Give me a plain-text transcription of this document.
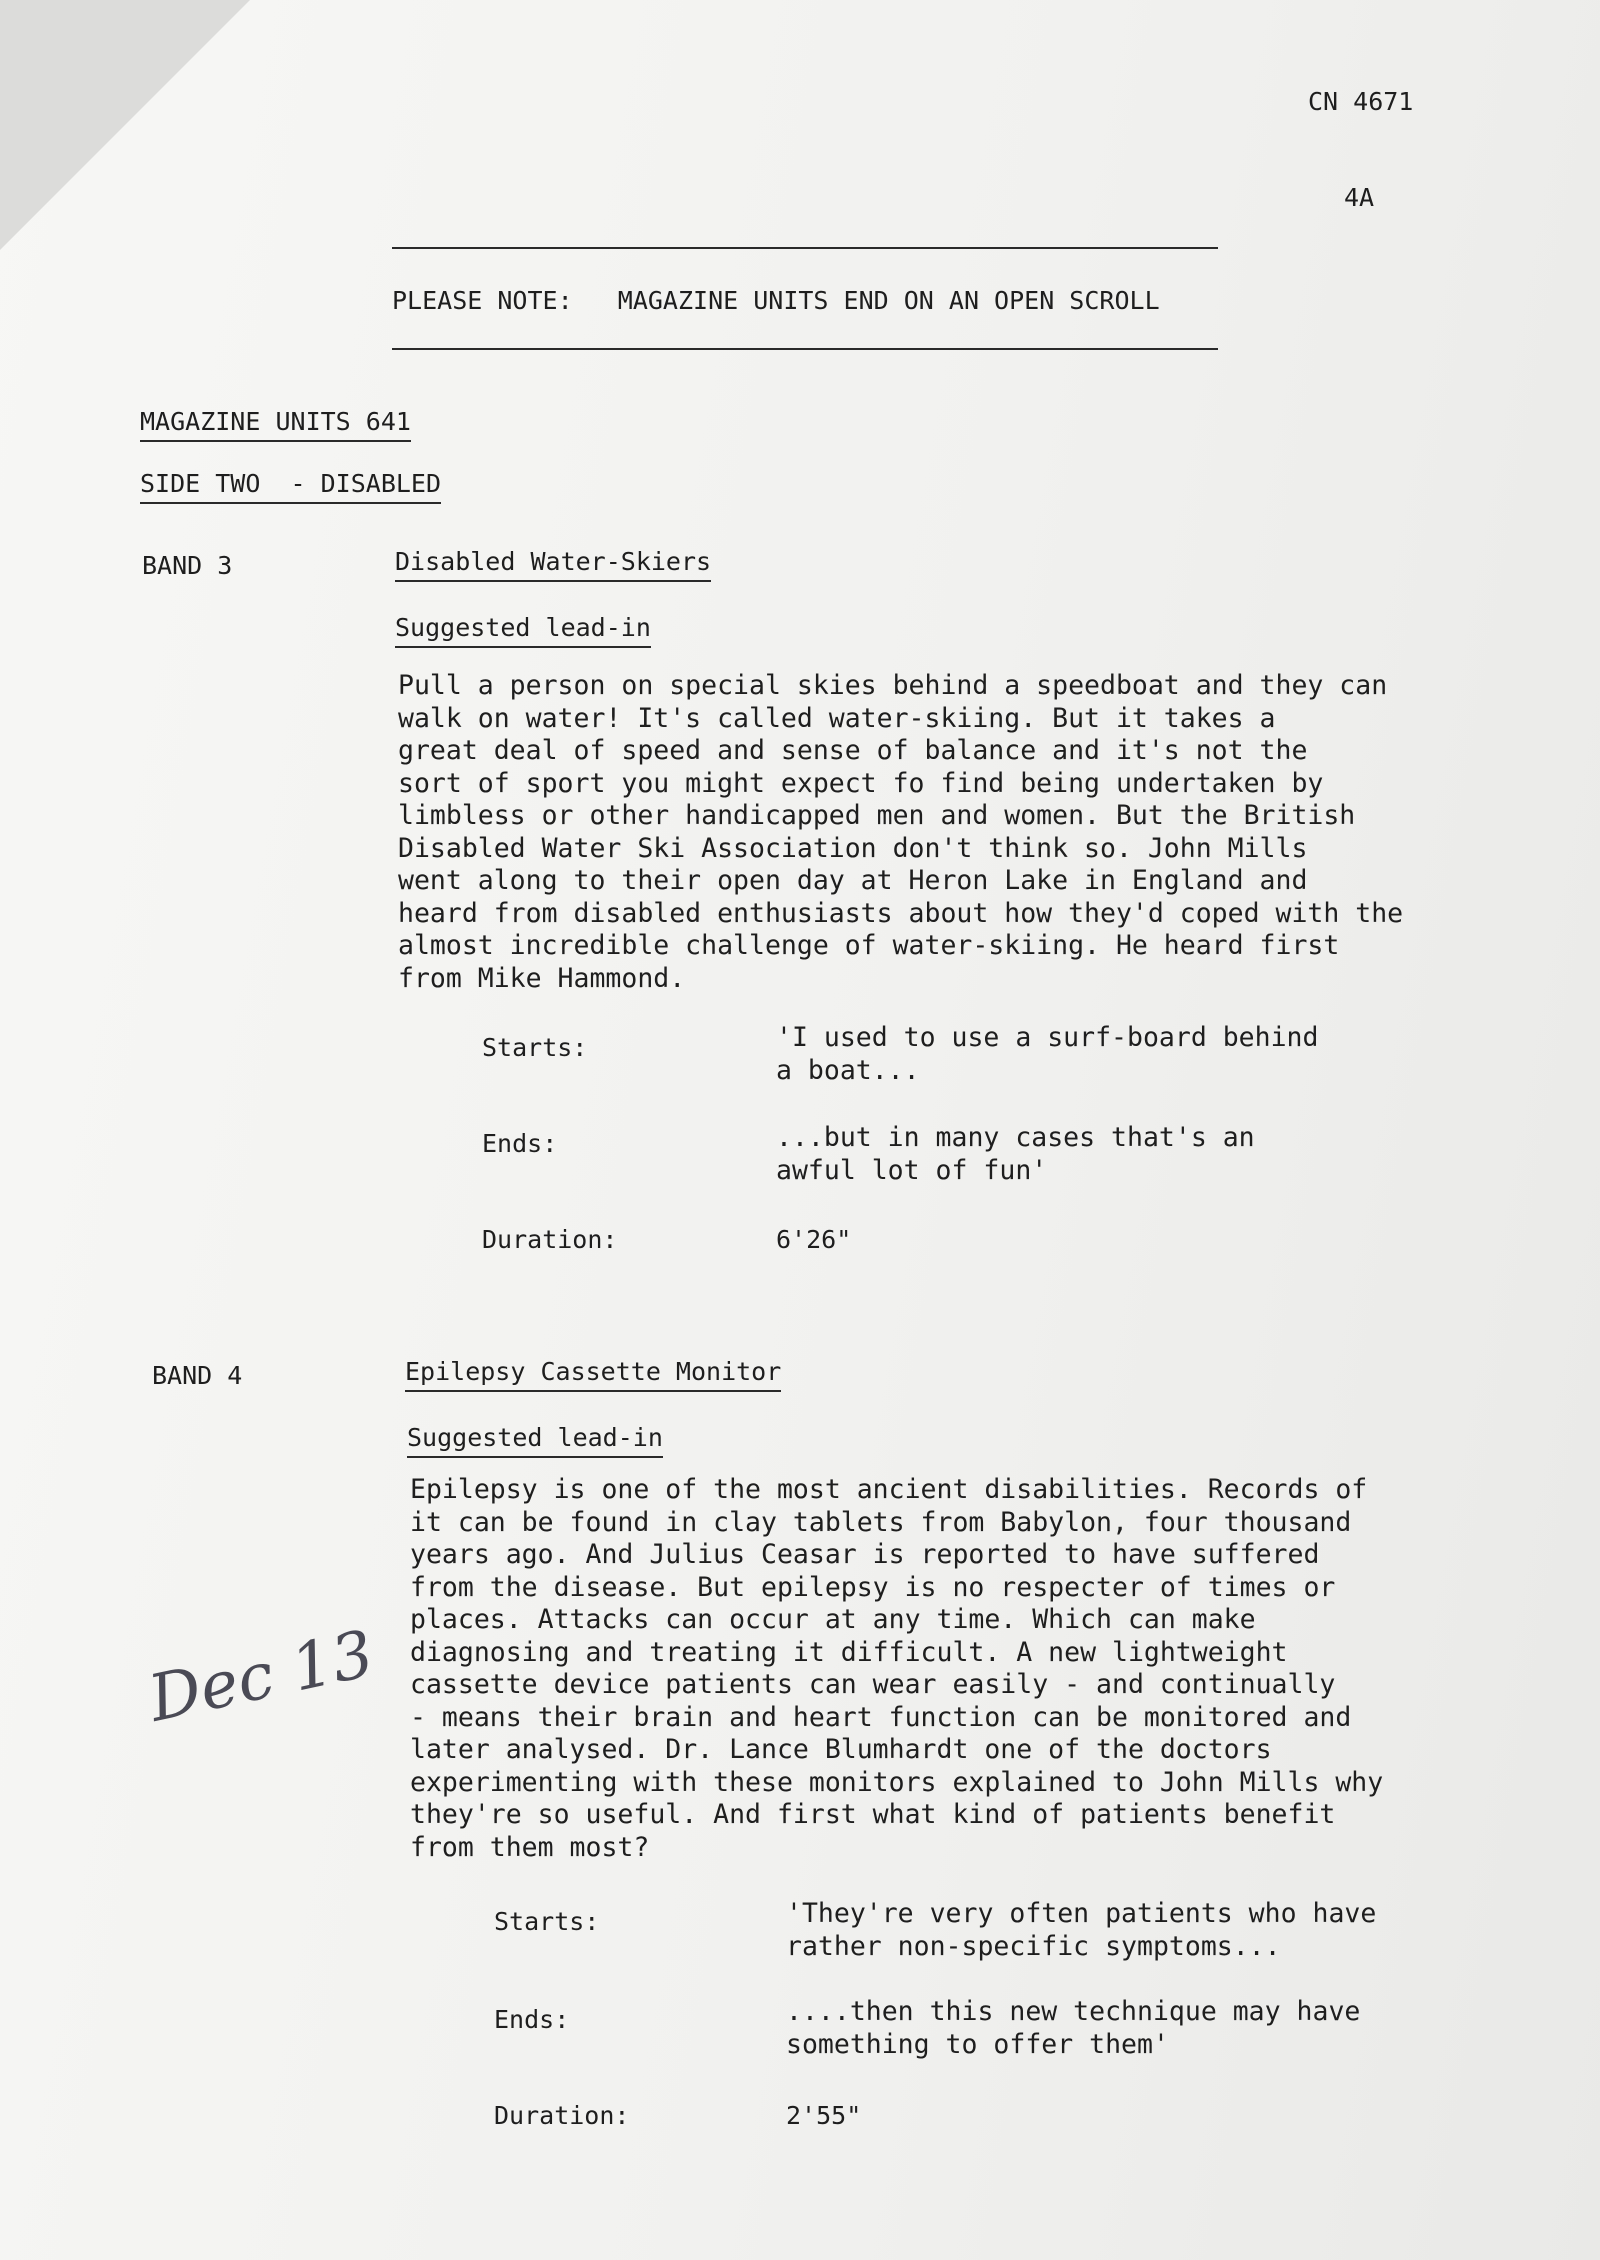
CN 4671
4A
PLEASE NOTE:   MAGAZINE UNITS END ON AN OPEN SCROLL
MAGAZINE UNITS 641
SIDE TWO  - DISABLED
BAND 3	Disabled Water-Skiers
Suggested lead-in
Pull a person on special skies behind a speedboat and they can
walk on water! It's called water-skiing. But it takes a
great deal of speed and sense of balance and it's not the
sort of sport you might expect fo find being undertaken by
limbless or other handicapped men and women. But the British
Disabled Water Ski Association don't think so. John Mills
went along to their open day at Heron Lake in England and
heard from disabled enthusiasts about how they'd coped with the
almost incredible challenge of water-skiing. He heard first
from Mike Hammond.
Starts:	'I used to use a surf-board behind
a boat...
Ends:	...but in many cases that's an
awful lot of fun'
Duration:	6'26"
BAND 4	Epilepsy Cassette Monitor
Suggested lead-in
Epilepsy is one of the most ancient disabilities. Records of
it can be found in clay tablets from Babylon, four thousand
years ago. And Julius Ceasar is reported to have suffered
from the disease. But epilepsy is no respecter of times or
places. Attacks can occur at any time. Which can make
diagnosing and treating it difficult. A new lightweight
cassette device patients can wear easily - and continually
- means their brain and heart function can be monitored and
later analysed. Dr. Lance Blumhardt one of the doctors
experimenting with these monitors explained to John Mills why
they're so useful. And first what kind of patients benefit
from them most?
Starts:	'They're very often patients who have
rather non-specific symptoms...
Ends:	....then this new technique may have
something to offer them'
Duration:	2'55"
Dec 13
